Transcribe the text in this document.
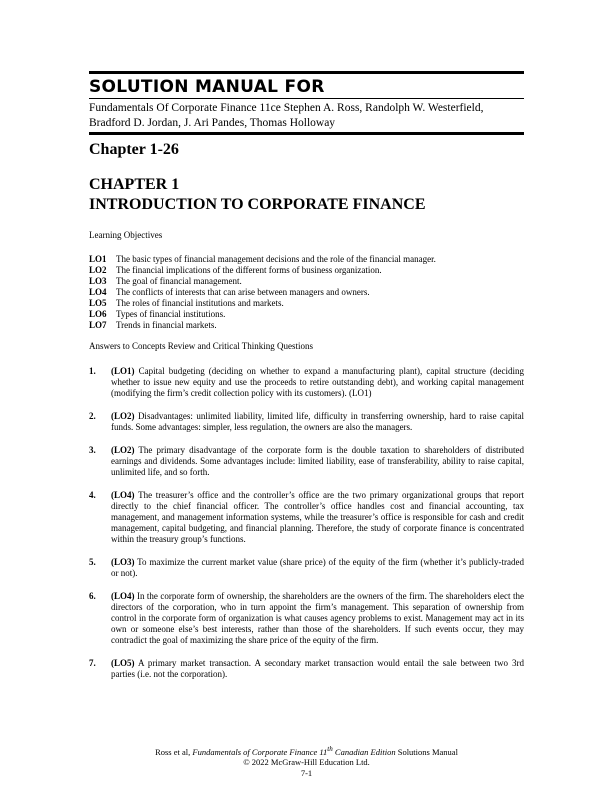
SOLUTION MANUAL FOR
Fundamentals Of Corporate Finance 11ce Stephen A. Ross, Randolph W. Westerfield, Bradford D. Jordan, J. Ari Pandes, Thomas Holloway
Chapter 1-26
CHAPTER 1
INTRODUCTION TO CORPORATE FINANCE
Learning Objectives
LO1	The basic types of financial management decisions and the role of the financial manager.
LO2	The financial implications of the different forms of business organization.
LO3	The goal of financial management.
LO4	The conflicts of interests that can arise between managers and owners.
LO5	The roles of financial institutions and markets.
LO6	Types of financial institutions.
LO7	Trends in financial markets.
Answers to Concepts Review and Critical Thinking Questions
1.	(LO1) Capital budgeting (deciding on whether to expand a manufacturing plant), capital structure (deciding whether to issue new equity and use the proceeds to retire outstanding debt), and working capital management (modifying the firm’s credit collection policy with its customers). (LO1)
2.	(LO2) Disadvantages: unlimited liability, limited life, difficulty in transferring ownership, hard to raise capital funds. Some advantages: simpler, less regulation, the owners are also the managers.
3.	(LO2) The primary disadvantage of the corporate form is the double taxation to shareholders of distributed earnings and dividends. Some advantages include: limited liability, ease of transferability, ability to raise capital, unlimited life, and so forth.
4.	(LO4) The treasurer’s office and the controller’s office are the two primary organizational groups that report directly to the chief financial officer. The controller’s office handles cost and financial accounting, tax management, and management information systems, while the treasurer’s office is responsible for cash and credit management, capital budgeting, and financial planning. Therefore, the study of corporate finance is concentrated within the treasury group’s functions.
5.	(LO3) To maximize the current market value (share price) of the equity of the firm (whether it’s publicly-traded or not).
6.	(LO4) In the corporate form of ownership, the shareholders are the owners of the firm. The shareholders elect the directors of the corporation, who in turn appoint the firm’s management. This separation of ownership from control in the corporate form of organization is what causes agency problems to exist. Management may act in its own or someone else’s best interests, rather than those of the shareholders. If such events occur, they may contradict the goal of maximizing the share price of the equity of the firm.
7.	(LO5) A primary market transaction. A secondary market transaction would entail the sale between two 3rd parties (i.e. not the corporation).
Ross et al, Fundamentals of Corporate Finance 11th Canadian Edition Solutions Manual
© 2022 McGraw-Hill Education Ltd.
7-1
